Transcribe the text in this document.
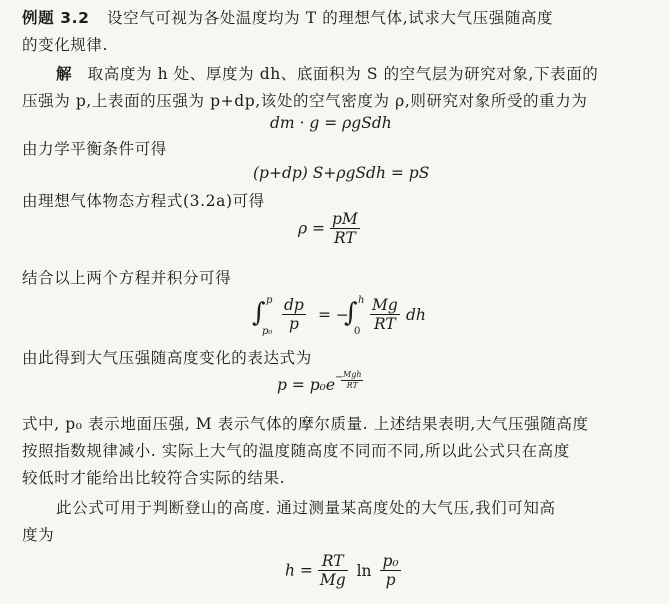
例题 3.2 设空气可视为各处温度均为 T 的理想气体,试求大气压强随高度
的变化规律.
解 取高度为 h 处、厚度为 dh、底面积为 S 的空气层为研究对象,下表面的
压强为 p,上表面的压强为 p+dp,该处的空气密度为 ρ,则研究对象所受的重力为
dm · g = ρgSdh
由力学平衡条件可得
(p+dp) S+ρgSdh = pS
由理想气体物态方程式(3.2a)可得
$\rho = \frac{pM}{RT}$
结合以上两个方程并积分可得
∫ p
$p_0 \frac{dp}{p}$ = −
∫ h
$0 \frac{Mg}{RT}$ dh
由此得到大气压强随高度变化的表达式为
p = p₀e − Mgh
RT
式中, p₀ 表示地面压强, M 表示气体的摩尔质量. 上述结果表明,大气压强随高度
按照指数规律减小. 实际上大气的温度随高度不同而不同,所以此公式只在高度
较低时才能给出比较符合实际的结果.
此公式可用于判断登山的高度. 通过测量某高度处的大气压,我们可知高
度为
$h = \frac{RT}{Mg}$ $\ln \frac{\text{p₀}}{p}$
